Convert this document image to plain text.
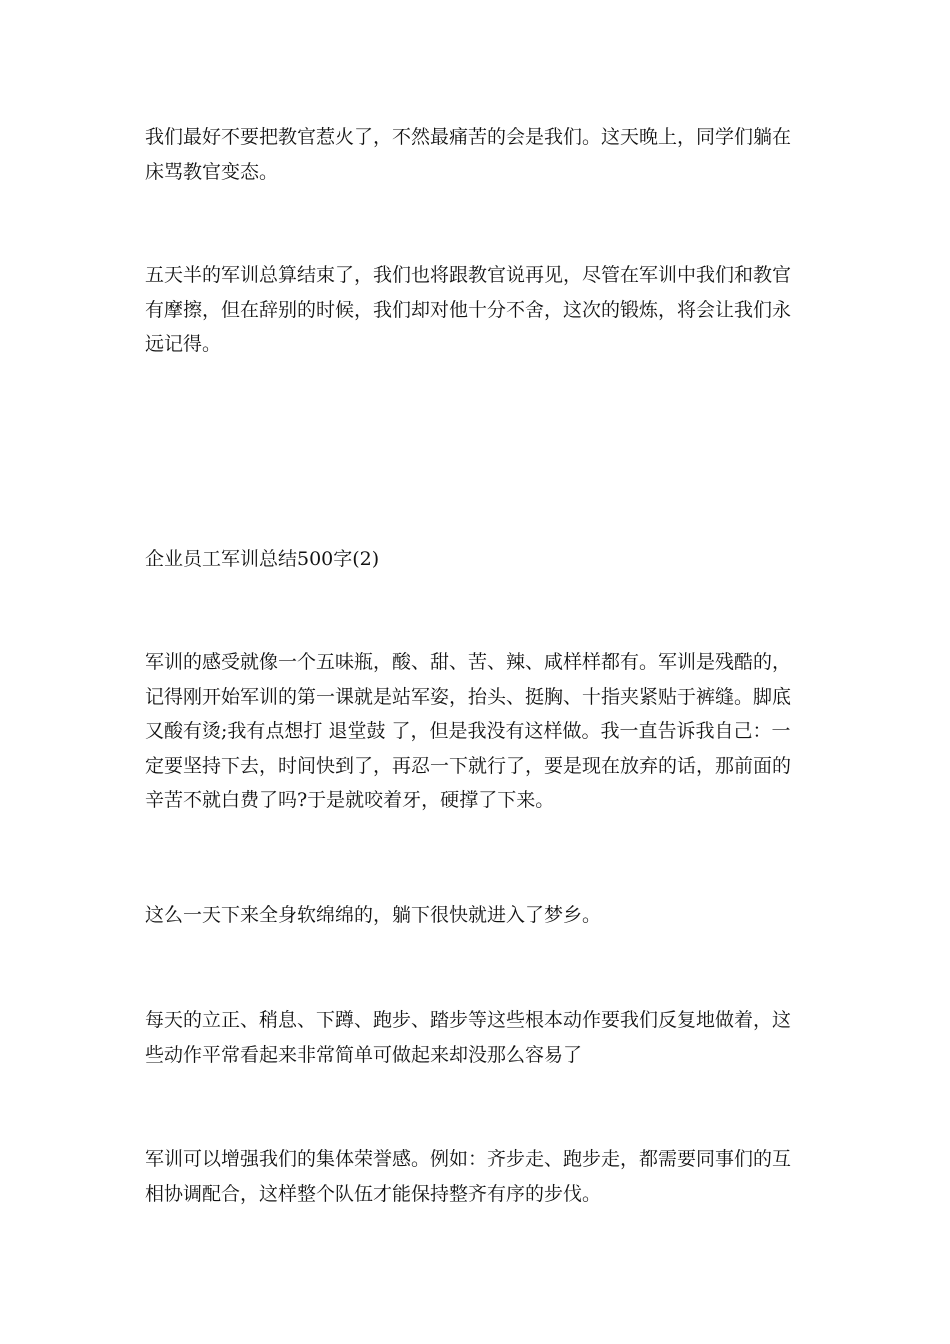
我们最好不要把教官惹火了，不然最痛苦的会是我们。这天晚上，同学们躺在
床骂教官变态。
五天半的军训总算结束了，我们也将跟教官说再见，尽管在军训中我们和教官
有摩擦，但在辞别的时候，我们却对他十分不舍，这次的锻炼，将会让我们永
远记得。
企业员工军训总结500字(2)
军训的感受就像一个五味瓶，酸、甜、苦、辣、咸样样都有。军训是残酷的，
记得刚开始军训的第一课就是站军姿，抬头、挺胸、十指夹紧贴于裤缝。脚底
又酸有烫;我有点想打 退堂鼓 了，但是我没有这样做。我一直告诉我自己：一
定要坚持下去，时间快到了，再忍一下就行了，要是现在放弃的话，那前面的
辛苦不就白费了吗?于是就咬着牙，硬撑了下来。
这么一天下来全身软绵绵的，躺下很快就进入了梦乡。
每天的立正、稍息、下蹲、跑步、踏步等这些根本动作要我们反复地做着，这
些动作平常看起来非常简单可做起来却没那么容易了
军训可以增强我们的集体荣誉感。例如：齐步走、跑步走，都需要同事们的互
相协调配合，这样整个队伍才能保持整齐有序的步伐。
